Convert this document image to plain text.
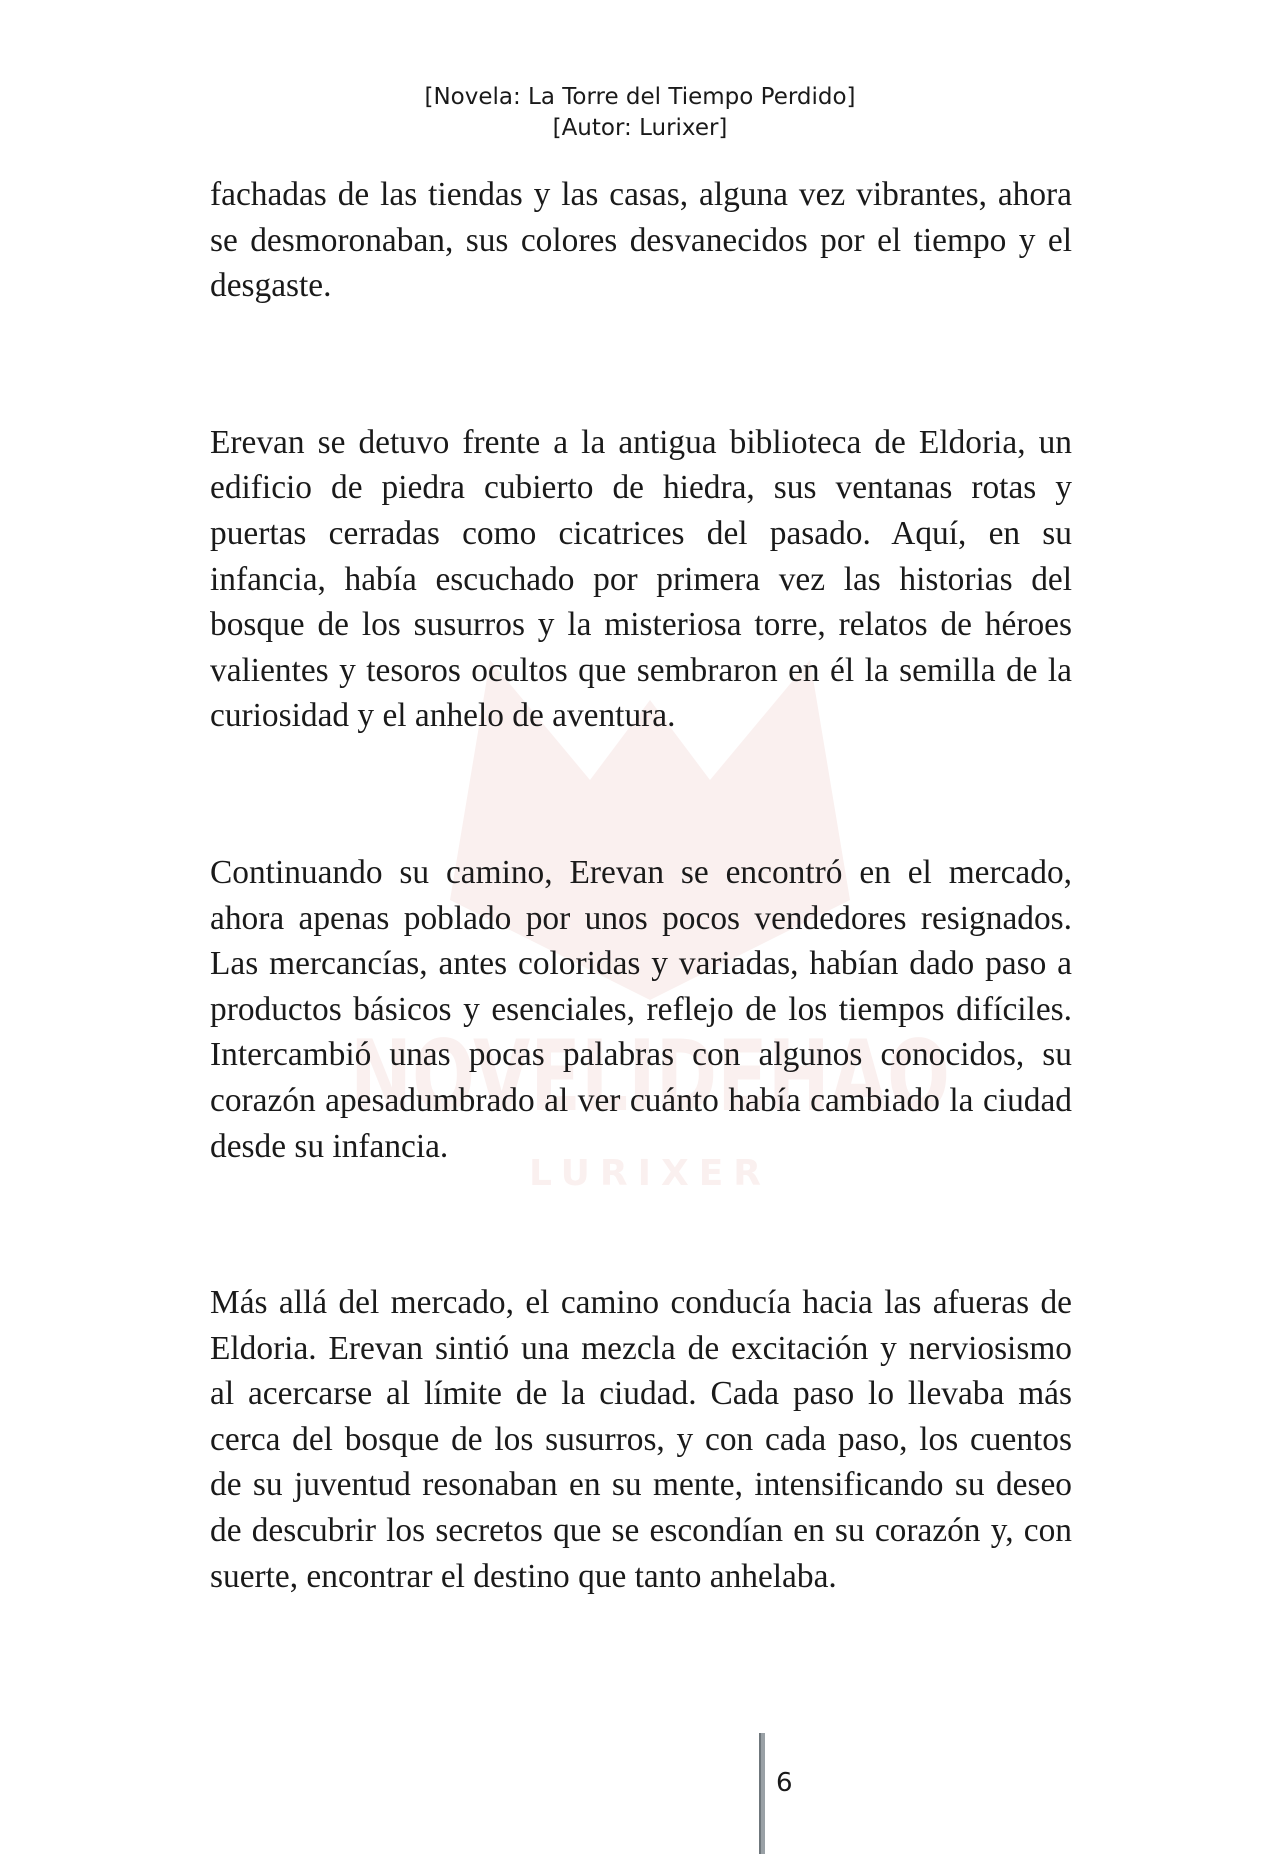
[Novela: La Torre del Tiempo Perdido]
[Autor: Lurixer]
NOVELIDEHAO
LURIXER

fachadas de las tiendas y las casas, alguna vez vibrantes, ahora se desmoronaban, sus colores desvanecidos por el tiempo y el desgaste.

Erevan se detuvo frente a la antigua biblioteca de Eldoria, un edificio de piedra cubierto de hiedra, sus ventanas rotas y puertas cerradas como cicatrices del pasado. Aquí, en su infancia, había escuchado por primera vez las historias del bosque de los susurros y la misteriosa torre, relatos de héroes valientes y tesoros ocultos que sembraron en él la semilla de la curiosidad y el anhelo de aventura.

Continuando su camino, Erevan se encontró en el mercado, ahora apenas poblado por unos pocos vendedores resignados. Las mercancías, antes coloridas y variadas, habían dado paso a productos básicos y esenciales, reflejo de los tiempos difíciles. Intercambió unas pocas palabras con algunos conocidos, su corazón apesadumbrado al ver cuánto había cambiado la ciudad desde su infancia.

Más allá del mercado, el camino conducía hacia las afueras de Eldoria. Erevan sintió una mezcla de excitación y nerviosismo al acercarse al límite de la ciudad. Cada paso lo llevaba más cerca del bosque de los susurros, y con cada paso, los cuentos de su juventud resonaban en su mente, intensificando su deseo de descubrir los secretos que se escondían en su corazón y, con suerte, encontrar el destino que tanto anhelaba.

6
